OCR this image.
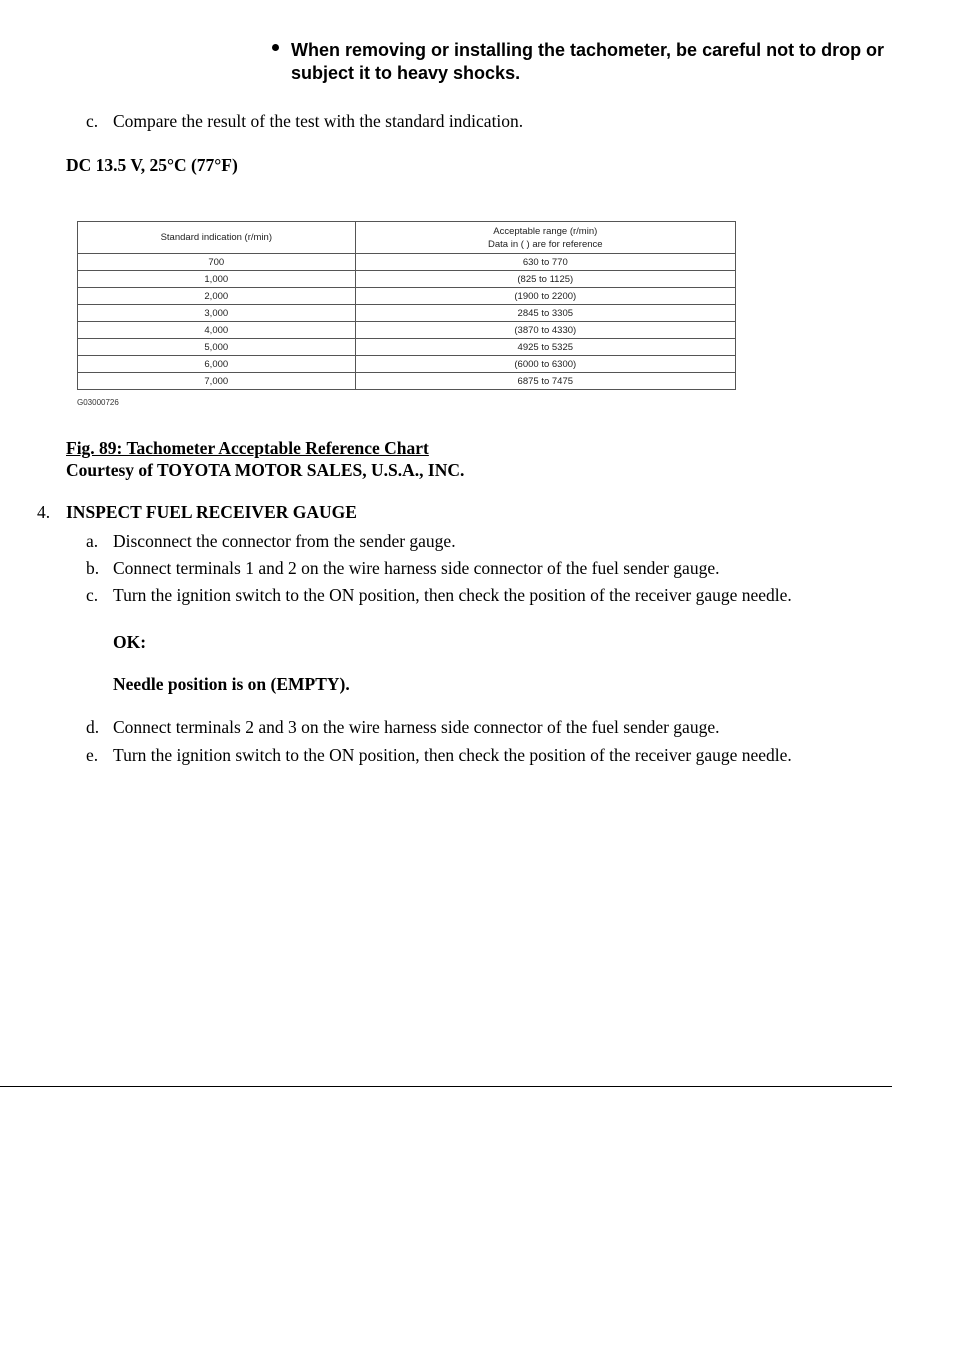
When removing or installing the tachometer, be careful not to drop or subject it to heavy shocks.
c. Compare the result of the test with the standard indication.
DC 13.5 V, 25°C (77°F)
Standard indication (r/min)	Acceptable range (r/min)
Data in ( ) are for reference

700	630 to 770
1,000	(825 to 1125)
2,000	(1900 to 2200)
3,000	2845 to 3305
4,000	(3870 to 4330)
5,000	4925 to 5325
6,000	(6000 to 6300)
7,000	6875 to 7475
G03000726
Fig. 89: Tachometer Acceptable Reference Chart
Courtesy of TOYOTA MOTOR SALES, U.S.A., INC.
4. INSPECT FUEL RECEIVER GAUGE
a. Disconnect the connector from the sender gauge.
b. Connect terminals 1 and 2 on the wire harness side connector of the fuel sender gauge.
c. Turn the ignition switch to the ON position, then check the position of the receiver gauge needle.
OK:
Needle position is on (EMPTY).
d. Connect terminals 2 and 3 on the wire harness side connector of the fuel sender gauge.
e. Turn the ignition switch to the ON position, then check the position of the receiver gauge needle.
